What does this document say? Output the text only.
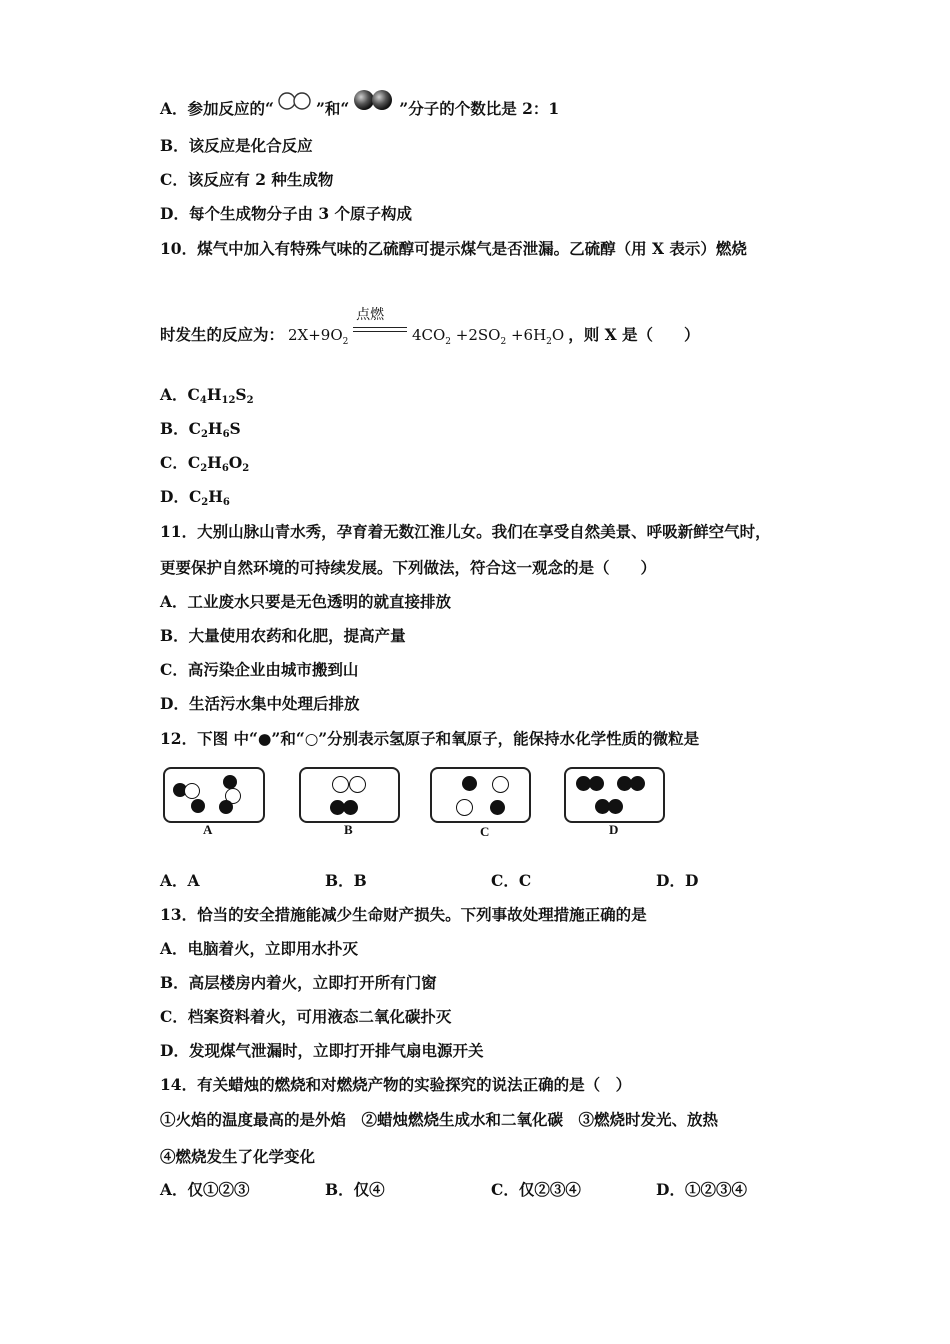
A．参加反应的“	”和“	”分子的个数比是 2：1
B．该反应是化合反应
C．该反应有 2 种生成物
D．每个生成物分子由 3 个原子构成
10．煤气中加入有特殊气味的乙硫醇可提示煤气是否泄漏。乙硫醇（用 X 表示）燃烧
时发生的反应为： $2X+9O_2$
点燃
$4CO_2 +2SO_2 +6H_2O$ ，则 X 是（　　）
A．$C_4H_{12}S_2$
B．$C_2H_6S$
C．$C_2H_6O_2$
D．$C_2H_6$
11．大别山脉山青水秀，孕育着无数江淮儿女。我们在享受自然美景、呼吸新鲜空气时，
更要保护自然环境的可持续发展。下列做法，符合这一观念的是（　　）
A．工业废水只要是无色透明的就直接排放
B．大量使用农药和化肥，提高产量
C．高污染企业由城市搬到山
D．生活污水集中处理后排放
12．下图 中“●”和“○”分别表示氢原子和氧原子，能保持水化学性质的微粒是
A	B	C	D
A．A	B．B	C．C	D．D
13．恰当的安全措施能减少生命财产损失。下列事故处理措施正确的是
A．电脑着火，立即用水扑灭
B．高层楼房内着火，立即打开所有门窗
C．档案资料着火，可用液态二氧化碳扑灭
D．发现煤气泄漏时，立即打开排气扇电源开关
14．有关蜡烛的燃烧和对燃烧产物的实验探究的说法正确的是（　）
①火焰的温度最高的是外焰　②蜡烛燃烧生成水和二氧化碳　③燃烧时发光、放热
④燃烧发生了化学变化
A．仅①②③	B．仅④	C．仅②③④	D．①②③④
